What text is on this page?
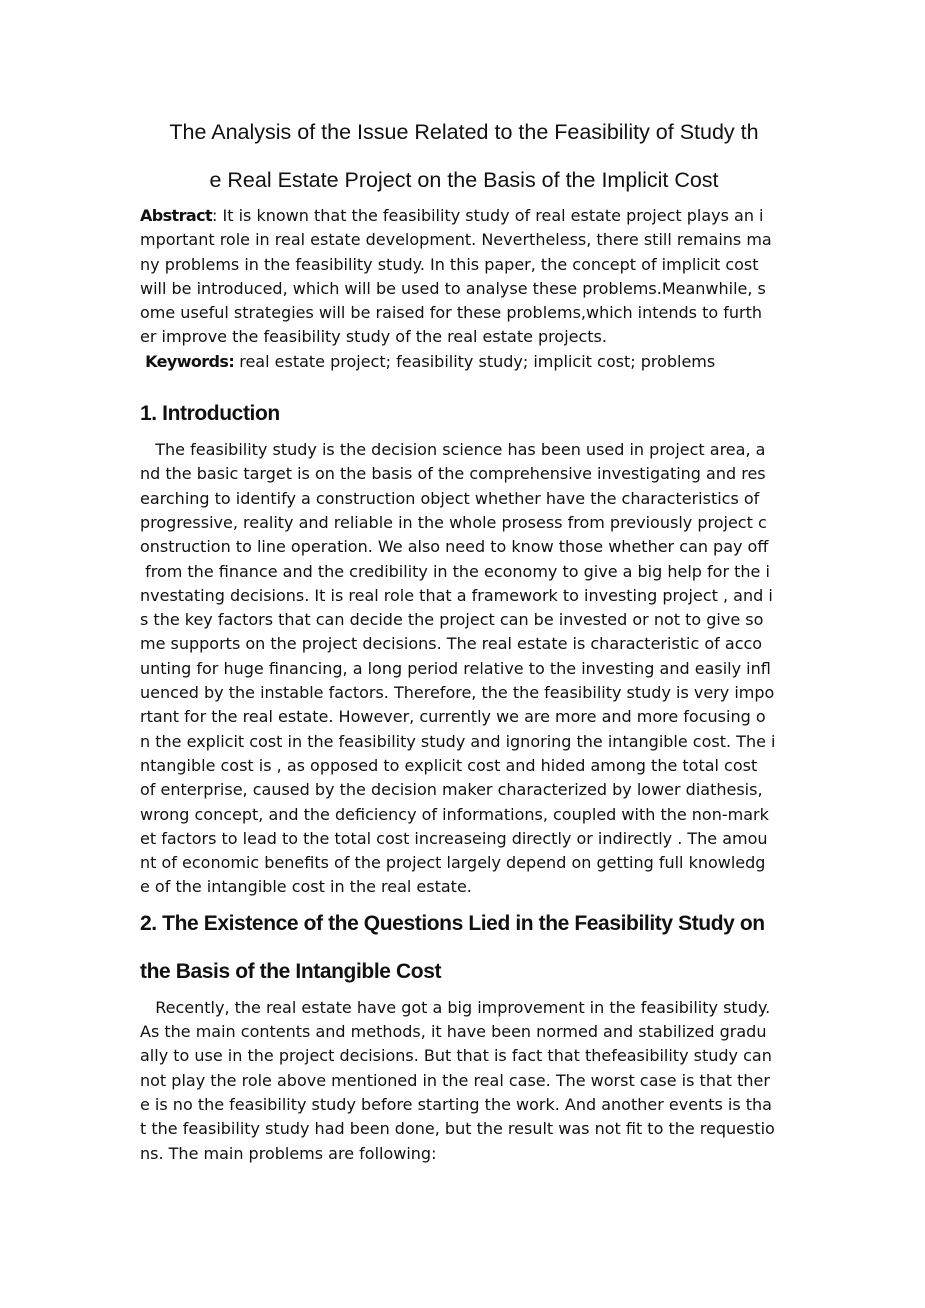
The Analysis of the Issue Related to the Feasibility of Study th

e Real Estate Project on the Basis of the Implicit Cost

Abstract: It is known that the feasibility study of real estate project plays an i
mportant role in real estate development. Nevertheless, there still remains ma
ny problems in the feasibility study. In this paper, the concept of implicit cost
will be introduced, which will be used to analyse these problems.Meanwhile, s
ome useful strategies will be raised for these problems,which intends to furth
er improve the feasibility study of the real estate projects.
Keywords: real estate project; feasibility study; implicit cost; problems

1. Introduction

The feasibility study is the decision science has been used in project area, a
nd the basic target is on the basis of the comprehensive investigating and res
earching to identify a construction object whether have the characteristics of
progressive, reality and reliable in the whole prosess from previously project c
onstruction to line operation. We also need to know those whether can pay off
from the finance and the credibility in the economy to give a big help for the i
nvestating decisions. It is real role that a framework to investing project , and i
s the key factors that can decide the project can be invested or not to give so
me supports on the project decisions. The real estate is characteristic of acco
unting for huge financing, a long period relative to the investing and easily infl
uenced by the instable factors. Therefore, the the feasibility study is very impo
rtant for the real estate. However, currently we are more and more focusing o
n the explicit cost in the feasibility study and ignoring the intangible cost. The i
ntangible cost is , as opposed to explicit cost and hided among the total cost
of enterprise, caused by the decision maker characterized by lower diathesis,
wrong concept, and the deficiency of informations, coupled with the non-mark
et factors to lead to the total cost increaseing directly or indirectly . The amou
nt of economic benefits of the project largely depend on getting full knowledg
e of the intangible cost in the real estate.

2. The Existence of the Questions Lied in the Feasibility Study on

the Basis of the Intangible Cost

Recently, the real estate have got a big improvement in the feasibility study.
As the main contents and methods, it have been normed and stabilized gradu
ally to use in the project decisions. But that is fact that thefeasibility study can
not play the role above mentioned in the real case. The worst case is that ther
e is no the feasibility study before starting the work. And another events is tha
t the feasibility study had been done, but the result was not fit to the requestio
ns. The main problems are following:
